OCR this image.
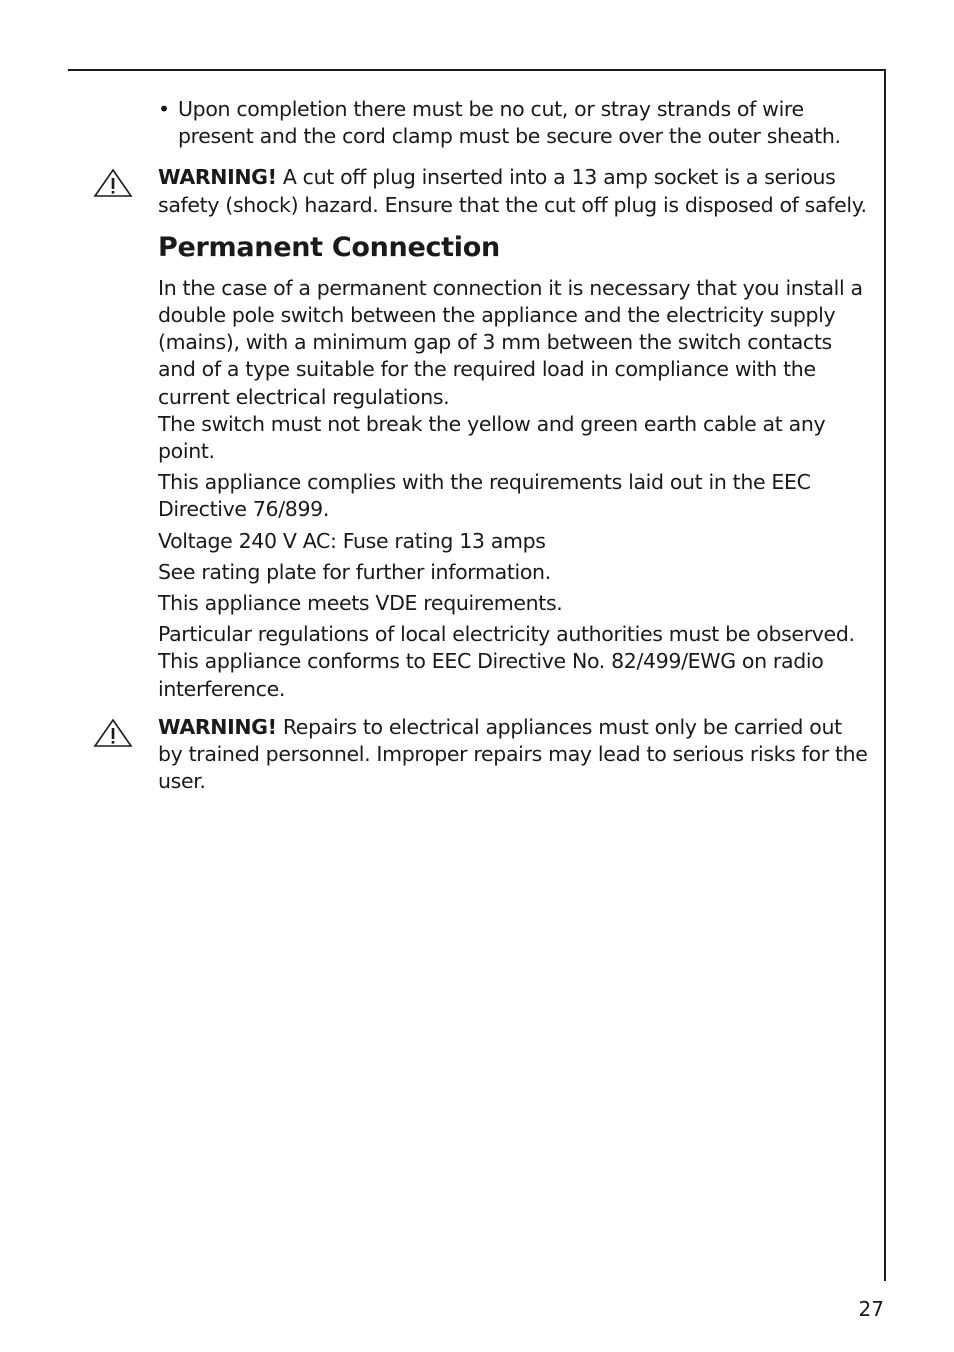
• Upon completion there must be no cut, or stray strands of wire present and the cord clamp must be secure over the outer sheath.
WARNING! A cut off plug inserted into a 13 amp socket is a serious safety (shock) hazard. Ensure that the cut off plug is disposed of safely.
Permanent Connection

In the case of a permanent connection it is necessary that you install a double pole switch between the appliance and the electricity supply (mains), with a minimum gap of 3 mm between the switch contacts and of a type suitable for the required load in compliance with the current electrical regulations.

The switch must not break the yellow and green earth cable at any point.

This appliance complies with the requirements laid out in the EEC Directive 76/899.

Voltage 240 V AC: Fuse rating 13 amps

See rating plate for further information.

This appliance meets VDE requirements.

Particular regulations of local electricity authorities must be observed.

This appliance conforms to EEC Directive No. 82/499/EWG on radio interference.

WARNING! Repairs to electrical appliances must only be carried out by trained personnel. Improper repairs may lead to serious risks for the user.
27
